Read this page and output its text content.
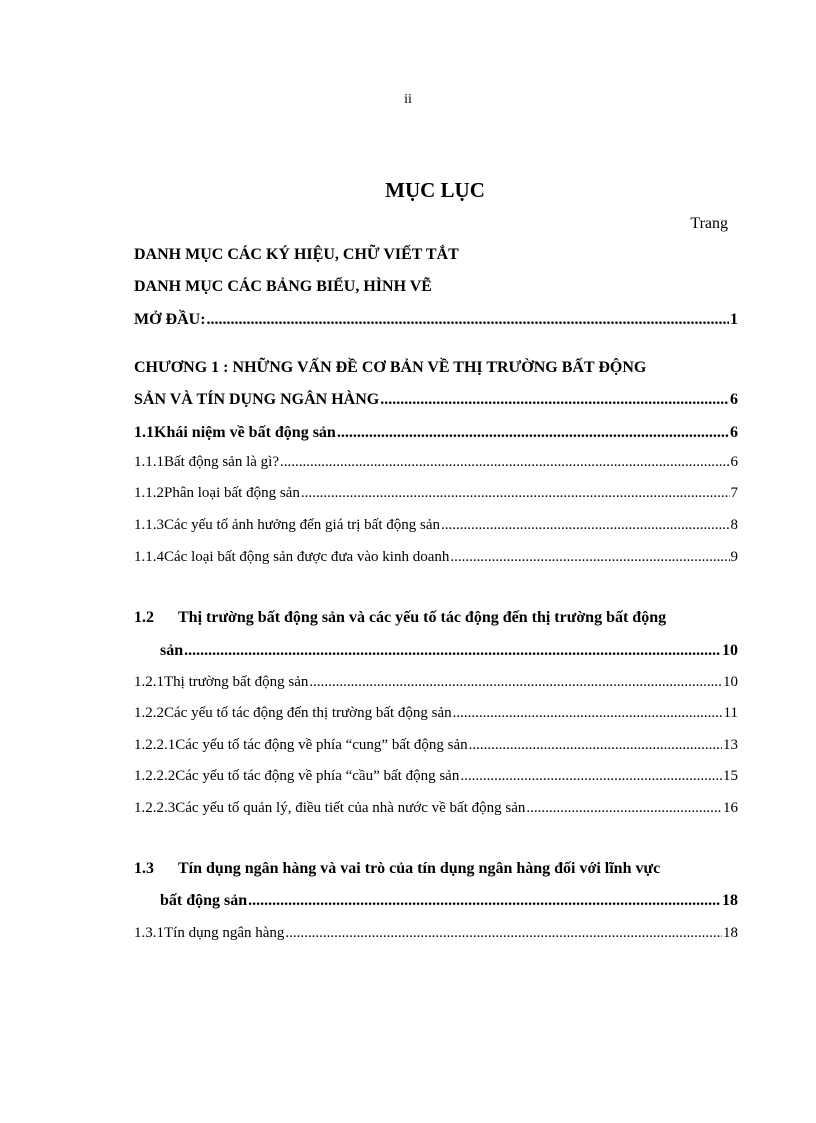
ii
MỤC LỤC
Trang
DANH MỤC CÁC KÝ HIỆU, CHỮ VIẾT TẮT
DANH MỤC CÁC BẢNG BIỂU, HÌNH VẼ
MỞ ĐẦU: .....	1
CHƯƠNG 1 : NHỮNG VẤN ĐỀ CƠ BẢN VỀ THỊ TRƯỜNG BẤT ĐỘNG
SẢN VÀ TÍN DỤNG NGÂN HÀNG .....	6
1.1 Khái niệm về bất động sản .....	6
1.1.1 Bất động sản là gì? .....	6
1.1.2 Phân loại bất động sản .....	7
1.1.3 Các yếu tố ảnh hưởng đến giá trị bất động sản .....	8
1.1.4 Các loại bất động sản được đưa vào kinh doanh .....	9
1.2 Thị trường bất động sản và các yếu tố tác động đến thị trường bất động
sản .....	10
1.2.1 Thị trường bất động sản .....	10
1.2.2 Các yếu tố tác động đến thị trường bất động sản .....	11
1.2.2.1 Các yếu tố tác động về phía “cung” bất động sản .....	13
1.2.2.2 Các yếu tố tác động về phía “cầu” bất động sản .....	15
1.2.2.3 Các yếu tố quản lý, điều tiết của nhà nước về bất động sản .....	16
1.3 Tín dụng ngân hàng và vai trò của tín dụng ngân hàng đối với lĩnh vực
bất động sản .....	18
1.3.1 Tín dụng ngân hàng .....	18
